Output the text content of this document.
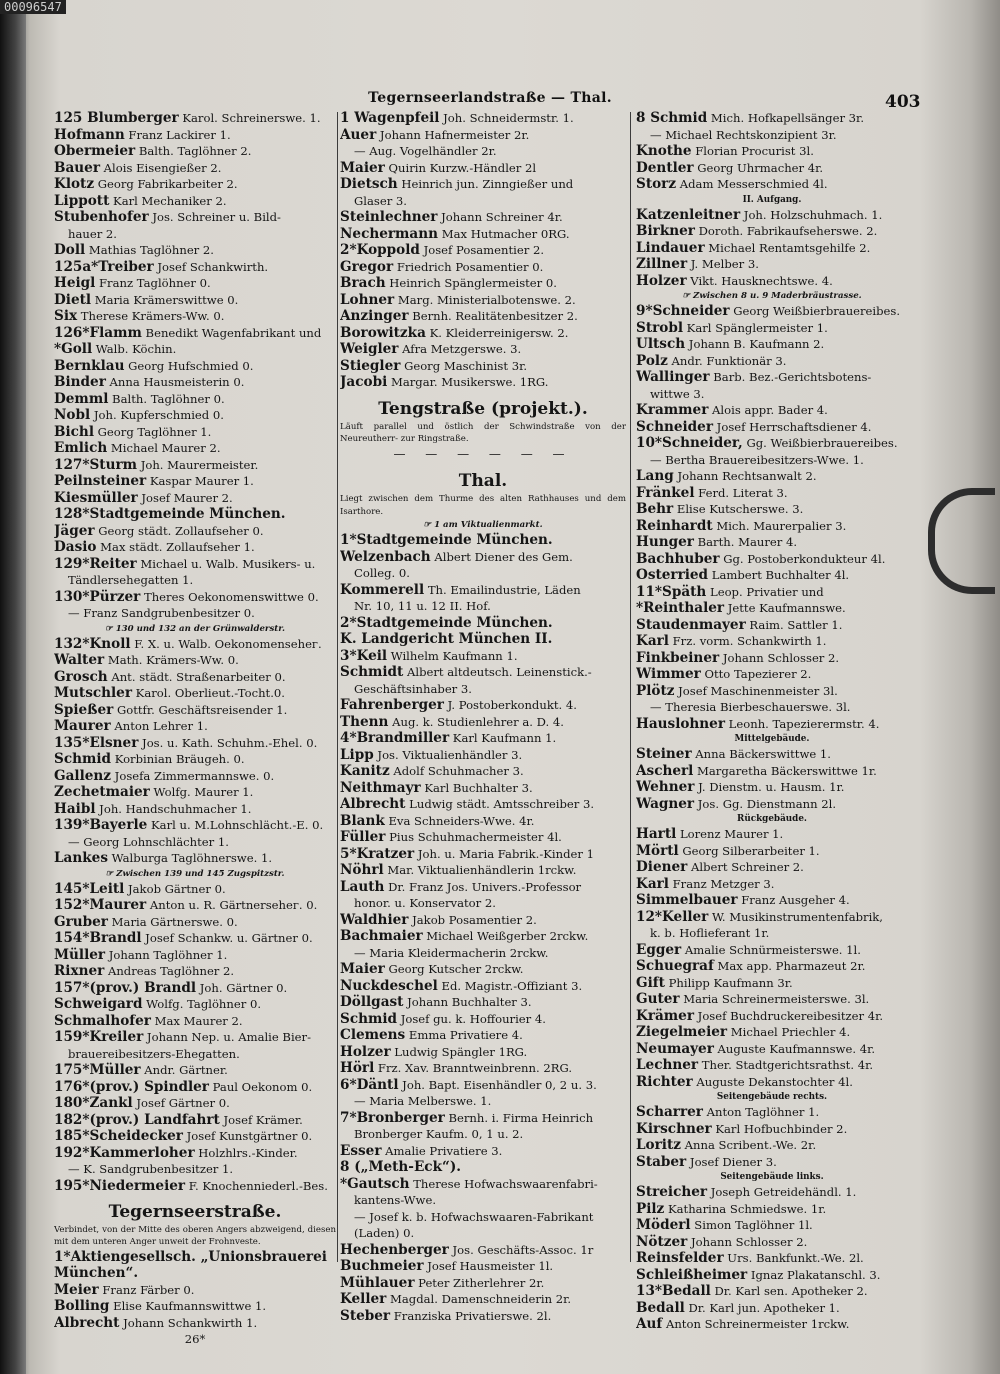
00096547
Tegernseerlandstraße — Thal.	403
125 Blumberger Karol. Schreinerswe. 1.
Hofmann Franz Lackirer 1.
Obermeier Balth. Taglöhner 2.
Bauer Alois Eisengießer 2.
Klotz Georg Fabrikarbeiter 2.
Lippott Karl Mechaniker 2.
Stubenhofer Jos. Schreiner u. Bild-
hauer 2.
Doll Mathias Taglöhner 2.
125a*Treiber Josef Schankwirth.
Heigl Franz Taglöhner 0.
Dietl Maria Krämerswittwe 0.
Six Therese Krämers-Ww. 0.
126*Flamm Benedikt Wagenfabrikant und
*Goll Walb. Köchin.
Bernklau Georg Hufschmied 0.
Binder Anna Hausmeisterin 0.
Demml Balth. Taglöhner 0.
Nobl Joh. Kupferschmied 0.
Bichl Georg Taglöhner 1.
Emlich Michael Maurer 2.
127*Sturm Joh. Maurermeister.
Peilnsteiner Kaspar Maurer 1.
Kiesmüller Josef Maurer 2.
128*Stadtgemeinde München.
Jäger Georg städt. Zollaufseher 0.
Dasio Max städt. Zollaufseher 1.
129*Reiter Michael u. Walb. Musikers- u.
Tändlersehegatten 1.
130*Pürzer Theres Oekonomenswittwe 0.
— Franz Sandgrubenbesitzer 0.
☞ 130 und 132 an der Grünwalderstr.
132*Knoll F. X. u. Walb. Oekonomensehег.
Walter Math. Krämers-Ww. 0.
Grosch Ant. städt. Straßenarbeiter 0.
Mutschler Karol. Oberlieut.-Tocht.0.
Spießer Gottfr. Geschäftsreisender 1.
Maurer Anton Lehrer 1.
135*Elsner Jos. u. Kath. Schuhm.-Ehel. 0.
Schmid Korbinian Bräugeh. 0.
Gallenz Josefa Zimmermannswe. 0.
Zechetmaier Wolfg. Maurer 1.
Haibl Joh. Handschuhmacher 1.
139*Bayerle Karl u. M.Lohnschlächt.-E. 0.
— Georg Lohnschlächter 1.
Lankes Walburga Taglöhnerswe. 1.
☞ Zwischen 139 und 145 Zugspitzstr.
145*Leitl Jakob Gärtner 0.
152*Maurer Anton u. R. Gärtnersehег. 0.
Gruber Maria Gärtnerswe. 0.
154*Brandl Josef Schankw. u. Gärtner 0.
Müller Johann Taglöhner 1.
Rixner Andreas Taglöhner 2.
157*(prov.) Brandl Joh. Gärtner 0.
Schweigard Wolfg. Taglöhner 0.
Schmalhofer Max Maurer 2.
159*Kreiler Johann Nep. u. Amalie Bier-
brauereibesitzers-Ehegatten.
175*Müller Andr. Gärtner.
176*(prov.) Spindler Paul Oekonom 0.
180*Zankl Josef Gärtner 0.
182*(prov.) Landfahrt Josef Krämer.
185*Scheidecker Josef Kunstgärtner 0.
192*Kammerloher Holzhlrs.-Kinder.
— K. Sandgrubenbesitzer 1.
195*Niedermeier F. Knochenniederl.-Bes.
Tegernseerstraße.
Verbindet, von der Mitte des oberen Angers abzweigend, diesen mit dem unteren Anger unweit der Frohnveste.
1*Aktiengesellsch. „Unionsbrauerei
München“.
Meier Franz Färber 0.
Bolling Elise Kaufmannswittwe 1.
Albrecht Johann Schankwirth 1.
26*
1 Wagenpfeil Joh. Schneidermstr. 1.
Auer Johann Hafnermeister 2r.
— Aug. Vogelhändler 2r.
Maier Quirin Kurzw.-Händler 2l
Dietsch Heinrich jun. Zinngießer und
Glaser 3.
Steinlechner Johann Schreiner 4r.
Nechermann Max Hutmacher 0RG.
2*Koppold Josef Posamentier 2.
Gregor Friedrich Posamentier 0.
Brach Heinrich Spänglermeister 0.
Lohner Marg. Ministerialbotenswe. 2.
Anzinger Bernh. Realitätenbesitzer 2.
Borowitzka K. Kleiderreinigersw. 2.
Weigler Afra Metzgerswe. 3.
Stiegler Georg Maschinist 3r.
Jacobi Margar. Musikerswe. 1RG.
Tengstraße (projekt.).
Läuft parallel und östlich der Schwindstraße von der Neureutherr- zur Ringstraße.
— — — — — —
Thal.
Liegt zwischen dem Thurme des alten Rathhauses und dem Isarthore.
☞ 1 am Viktualienmarkt.
1*Stadtgemeinde München.
Welzenbach Albert Diener des Gem.
Colleg. 0.
Kommerell Th. Emailindustrie, Läden
Nr. 10, 11 u. 12 II. Hof.
2*Stadtgemeinde München.
K. Landgericht München II.
3*Keil Wilhelm Kaufmann 1.
Schmidt Albert altdeutsch. Leinenstick.-
Geschäftsinhaber 3.
Fahrenberger J. Postoberkondukt. 4.
Thenn Aug. k. Studienlehrer a. D. 4.
4*Brandmiller Karl Kaufmann 1.
Lipp Jos. Viktualienhändler 3.
Kanitz Adolf Schuhmacher 3.
Neithmayr Karl Buchhalter 3.
Albrecht Ludwig städt. Amtsschreiber 3.
Blank Eva Schneiders-Wwe. 4r.
Füller Pius Schuhmachermeister 4l.
5*Kratzer Joh. u. Maria Fabrik.-Kinder 1
Nöhrl Mar. Viktualienhändlerin 1rckw.
Lauth Dr. Franz Jos. Univers.-Professor
honor. u. Konservator 2.
Waldhier Jakob Posamentier 2.
Bachmaier Michael Weißgerber 2rckw.
— Maria Kleidermacherin 2rckw.
Maier Georg Kutscher 2rckw.
Nuckdeschel Ed. Magistr.-Offiziant 3.
Döllgast Johann Buchhalter 3.
Schmid Josef gu. k. Hoffourier 4.
Clemens Emma Privatiere 4.
Holzer Ludwig Spängler 1RG.
Hörl Frz. Xav. Branntweinbrenn. 2RG.
6*Däntl Joh. Bapt. Eisenhändler 0, 2 u. 3.
— Maria Melberswe. 1.
7*Bronberger Bernh. i. Firma Heinrich
Bronberger Kaufm. 0, 1 u. 2.
Esser Amalie Privatiere 3.
8 („Meth-Eck“).
*Gautsch Therese Hofwachswaarenfabri-
kantens-Wwe.
— Josef k. b. Hofwachswaaren-Fabrikant
(Laden) 0.
Hechenberger Jos. Geschäfts-Assoc. 1r
Buchmeier Josef Hausmeister 1l.
Mühlauer Peter Zitherlehrer 2r.
Keller Magdal. Damenschneiderin 2r.
Steber Franziska Privatierswe. 2l.
8 Schmid Mich. Hofkapellsänger 3r.
— Michael Rechtskonzipient 3r.
Knothe Florian Procurist 3l.
Dentler Georg Uhrmacher 4r.
Storz Adam Messerschmied 4l.
II. Aufgang.
Katzenleitner Joh. Holzschuhmach. 1.
Birkner Doroth. Fabrikaufseherswe. 2.
Lindauer Michael Rentamtsgehilfe 2.
Zillner J. Melber 3.
Holzer Vikt. Hausknechtswe. 4.
☞ Zwischen 8 u. 9 Maderbräustrasse.
9*Schneider Georg Weißbierbrauereibes.
Strobl Karl Spänglermeister 1.
Ultsch Johann B. Kaufmann 2.
Polz Andr. Funktionär 3.
Wallinger Barb. Bez.-Gerichtsbotens-
wittwe 3.
Krammer Alois appr. Bader 4.
Schneider Josef Herrschaftsdiener 4.
10*Schneider, Gg. Weißbierbrauereibes.
— Bertha Brauereibesitzers-Wwe. 1.
Lang Johann Rechtsanwalt 2.
Fränkel Ferd. Literat 3.
Behr Elise Kutscherswe. 3.
Reinhardt Mich. Maurerpalier 3.
Hunger Barth. Maurer 4.
Bachhuber Gg. Postoberkondukteur 4l.
Osterried Lambert Buchhalter 4l.
11*Späth Leop. Privatier und
*Reinthaler Jette Kaufmannswe.
Staudenmayer Raim. Sattler 1.
Karl Frz. vorm. Schankwirth 1.
Finkbeiner Johann Schlosser 2.
Wimmer Otto Tapezierer 2.
Plötz Josef Maschinenmeister 3l.
— Theresia Bierbeschauerswe. 3l.
Hauslohner Leonh. Tapezierermstr. 4.
Mittelgebäude.
Steiner Anna Bäckerswittwe 1.
Ascherl Margaretha Bäckerswittwe 1r.
Wehner J. Dienstm. u. Hausm. 1r.
Wagner Jos. Gg. Dienstmann 2l.
Rückgebäude.
Hartl Lorenz Maurer 1.
Mörtl Georg Silberarbeiter 1.
Diener Albert Schreiner 2.
Karl Franz Metzger 3.
Simmelbauer Franz Ausgeher 4.
12*Keller W. Musikinstrumentenfabrik,
k. b. Hoflieferant 1r.
Egger Amalie Schnürmeisterswe. 1l.
Schuegraf Max app. Pharmazeut 2r.
Gift Philipp Kaufmann 3r.
Guter Maria Schreinermeisterswe. 3l.
Krämer Josef Buchdruckereibesitzer 4r.
Ziegelmeier Michael Priechler 4.
Neumayer Auguste Kaufmannswe. 4r.
Lechner Ther. Stadtgerichtsrathst. 4r.
Richter Auguste Dekanstochter 4l.
Seitengebäude rechts.
Scharrer Anton Taglöhner 1.
Kirschner Karl Hofbuchbinder 2.
Loritz Anna Scribent.-We. 2r.
Staber Josef Diener 3.
Seitengebäude links.
Streicher Joseph Getreidehändl. 1.
Pilz Katharina Schmiedswe. 1r.
Möderl Simon Taglöhner 1l.
Nötzer Johann Schlosser 2.
Reinsfelder Urs. Bankfunkt.-We. 2l.
Schleißheimer Ignaz Plakatanschl. 3.
13*Bedall Dr. Karl sen. Apotheker 2.
Bedall Dr. Karl jun. Apotheker 1.
Auf Anton Schreinermeister 1rckw.
